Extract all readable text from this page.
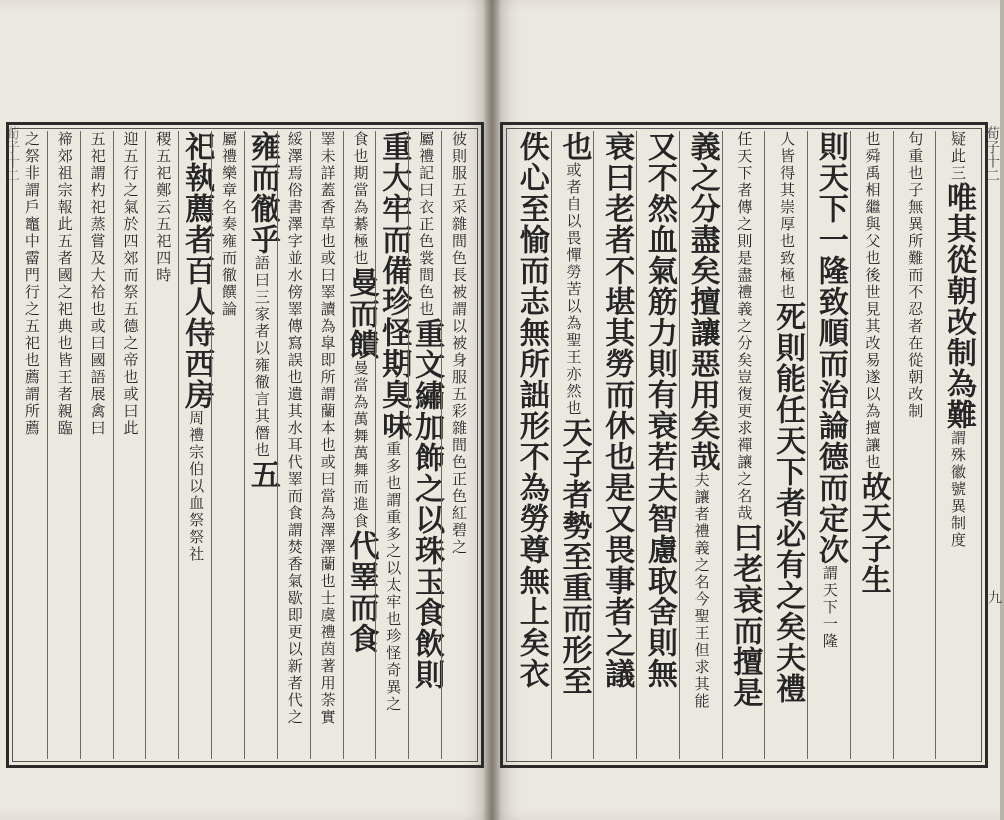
彼則服五采雜間色長被謂以被身服五彩雜間色正色紅碧之
屬禮記曰衣正色裳間色也重文繡加飾之以珠玉食飲則
重大牢而備珍怪期臭味重多也謂重多之以太牢也珍怪奇異之
食也期當為綦極也曼而饋曼當為萬舞萬舞而進食代睪而食
睪未詳蓋香草也或曰睪讀為皐即所謂蘭本也或曰當為澤澤蘭也士虞禮茵著用荼實
綏澤焉俗書澤字並水傍睪傳寫誤也遺其水耳代睪而食謂焚香氣歇即更以新者代之
雍而徹乎語曰三家者以雍徹言其僭也五
屬禮樂章名奏雍而徹饌論
祀執薦者百人侍西房周禮宗伯以血祭祭社
稷五祀鄭云五祀四時
迎五行之氣於四郊而祭五德之帝也或曰此
五祀謂杓祀蒸嘗及大祫也或曰國語展禽曰
禘郊祖宗報此五者國之祀典也皆王者親臨
之祭非謂戶竈中霤門行之五祀也薦謂所薦	疑此三唯其從朝改制為難謂殊徽號異制度
句重也子無異所難而不忍者在從朝改制
也舜禹相繼與父也後世見其改易遂以為擅讓也故天子生
則天下一隆致順而治論德而定次謂天下一隆
人皆得其崇厚也致極也死則能任天下者必有之矣夫禮
任天下者傳之則是盡禮義之分矣豈復更求禪讓之名哉曰老衰而擅是
義之分盡矣擅讓惡用矣哉夫讓者禮義之名今聖王但求其能
又不然血氣筋力則有衰若夫智慮取舍則無
衰曰老者不堪其勞而休也是又畏事者之議
也或者自以畏憚勞苦以為聖王亦然也天子者勢至重而形至
佚心至愉而志無所詘形不為勞尊無上矣衣	荀子十二
九
荀子十二
